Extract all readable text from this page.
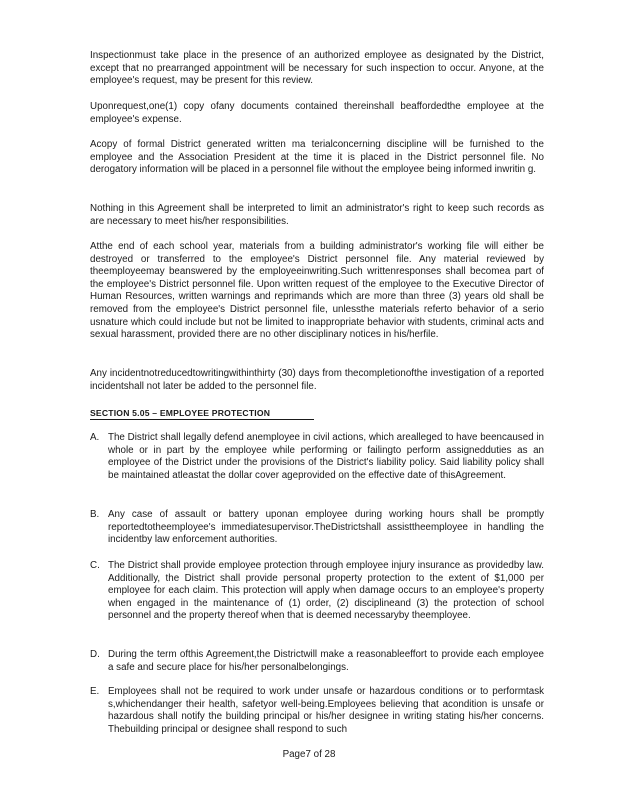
Inspectionmust take place in the presence of an authorized employee as designated by the District, except that no prearranged appointment will be necessary for such inspection to occur. Anyone, at the employee's request, may be present for this review.

Uponrequest,one(1) copy ofany documents contained thereinshall beaffordedthe employee at the employee's expense.

Acopy of formal District generated written ma terialconcerning discipline will be furnished to the employee and the Association President at the time it is placed in the District personnel file. No derogatory information will be placed in a personnel file without the employee being informed inwritin g.

Nothing in this Agreement shall be interpreted to limit an administrator's right to keep such records as are necessary to meet his/her responsibilities.

Atthe end of each school year, materials from a building administrator's working file will either be destroyed or transferred to the employee's District personnel file. Any material reviewed by theemployeemay beanswered by the employeeinwriting.Such writtenresponses shall becomea part of the employee's District personnel file. Upon written request of the employee to the Executive Director of Human Resources, written warnings and reprimands which are more than three (3) years old shall be removed from the employee's District personnel file, unlessthe materials referto behavior of a serio usnature which could include but not be limited to inappropriate behavior with students, criminal acts and sexual harassment, provided there are no other disciplinary notices in his/herfile.

Any incidentnotreducedtowritingwithinthirty (30) days from thecompletionofthe investigation of a reported incidentshall not later be added to the personnel file.

SECTION 5.05 – EMPLOYEE PROTECTION
A. The District shall legally defend anemployee in civil actions, which arealleged to have beencaused in whole or in part by the employee while performing or failingto perform assignedduties as an employee of the District under the provisions of the District's liability policy. Said liability policy shall be maintained atleastat the dollar cover ageprovided on the effective date of thisAgreement.
B. Any case of assault or battery uponan employee during working hours shall be promptly reportedtotheemployee's immediatesupervisor.TheDistrictshall assisttheemployee in handling the incidentby law enforcement authorities.
C. The District shall provide employee protection through employee injury insurance as providedby law. Additionally, the District shall provide personal property protection to the extent of $1,000 per employee for each claim. This protection will apply when damage occurs to an employee's property when engaged in the maintenance of (1) order, (2) disciplineand (3) the protection of school personnel and the property thereof when that is deemed necessaryby theemployee.
D. During the term ofthis Agreement,the Districtwill make a reasonableeffort to provide each employee a safe and secure place for his/her personalbelongings.
E. Employees shall not be required to work under unsafe or hazardous conditions or to performtask s,whichendanger their health, safetyor well-being.Employees believing that acondition is unsafe or hazardous shall notify the building principal or his/her designee in writing stating his/her concerns. Thebuilding principal or designee shall respond to such
Page7 of 28
